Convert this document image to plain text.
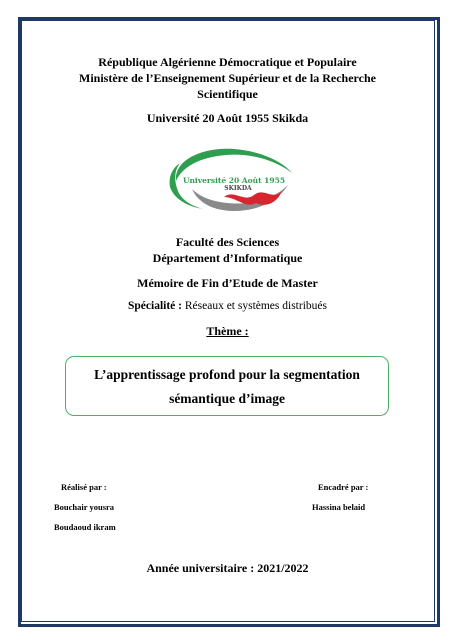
République Algérienne Démocratique et Populaire
Ministère de l’Enseignement Supérieur et de la Recherche
Scientifique
Université 20 Août 1955 Skikda
Université 20 Août 1955
SKIKDA
Faculté des Sciences
Département d’Informatique
Mémoire de Fin d’Etude de Master
Spécialité : Réseaux et systèmes distribués
Thème :
L’apprentissage profond pour la segmentation
sémantique d’image
Réalisé par :
Bouchair yousra
Boudaoud ikram
Encadré par :
Hassina belaid
Année universitaire : 2021/2022
